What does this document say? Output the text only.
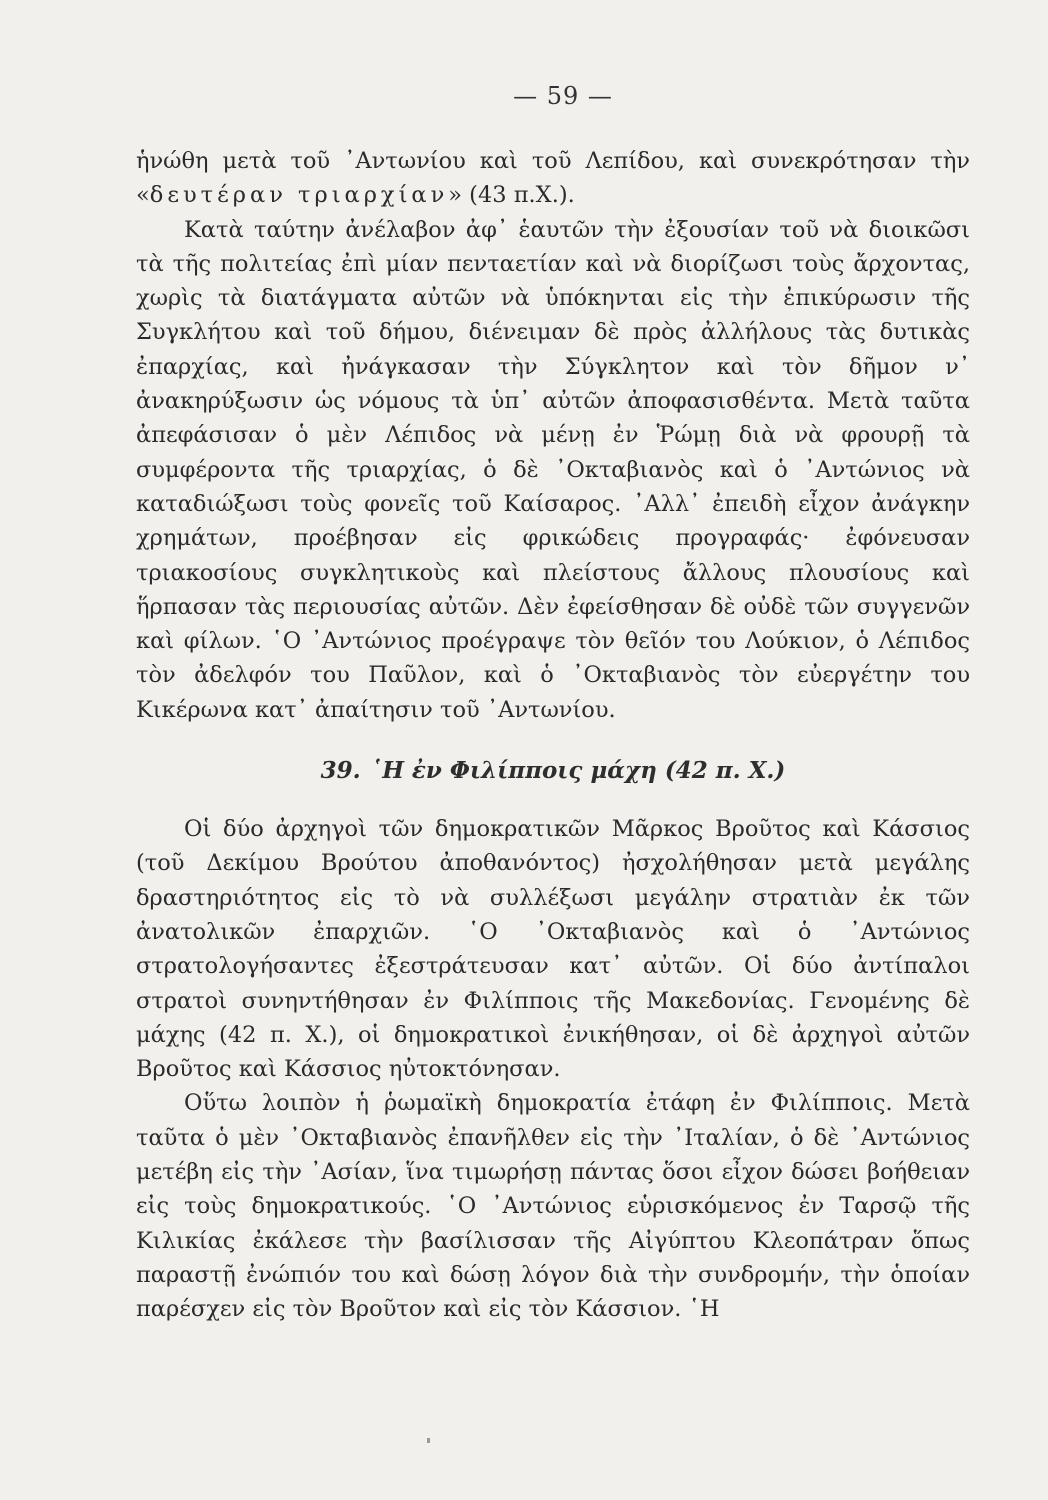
— 59 —

ἡνώθη μετὰ τοῦ ᾿Αντωνίου καὶ τοῦ Λεπίδου, καὶ συνεκρότησαν τὴν «δευτέραν τριαρχίαν» (43 π.Χ.).

Κατὰ ταύτην ἀνέλαβον ἀφ᾿ ἑαυτῶν τὴν ἐξουσίαν τοῦ νὰ διοικῶσι τὰ τῆς πολιτείας ἐπὶ μίαν πενταετίαν καὶ νὰ διορίζωσι τοὺς ἄρχοντας, χωρὶς τὰ διατάγματα αὐτῶν νὰ ὑπόκηνται εἰς τὴν ἐπικύρωσιν τῆς Συγκλήτου καὶ τοῦ δήμου, διένειμαν δὲ πρὸς ἀλλήλους τὰς δυτικὰς ἐπαρχίας, καὶ ἠνάγκασαν τὴν Σύγκλητον καὶ τὸν δῆμον ν᾿ ἀνακηρύξωσιν ὡς νόμους τὰ ὑπ᾿ αὐτῶν ἀποφασισθέντα. Μετὰ ταῦτα ἀπεφάσισαν ὁ μὲν Λέπιδος νὰ μένῃ ἐν Ῥώμῃ διὰ νὰ φρουρῇ τὰ συμφέροντα τῆς τριαρχίας, ὁ δὲ ᾿Οκταβιανὸς καὶ ὁ ᾿Αντώνιος νὰ καταδιώξωσι τοὺς φονεῖς τοῦ Καίσαρος. ᾿Αλλ᾿ ἐπειδὴ εἶχον ἀνάγκην χρημάτων, προέβησαν εἰς φρικώδεις προγραφάς· ἐφόνευσαν τριακοσίους συγκλητικοὺς καὶ πλείστους ἄλλους πλουσίους καὶ ἥρπασαν τὰς περιουσίας αὐτῶν. Δὲν ἐφείσθησαν δὲ οὐδὲ τῶν συγγενῶν καὶ φίλων. ῾Ο ᾿Αντώνιος προέγραψε τὸν θεῖόν του Λούκιον, ὁ Λέπιδος τὸν ἀδελφόν του Παῦλον, καὶ ὁ ᾿Οκταβιανὸς τὸν εὐεργέτην του Κικέρωνα κατ᾿ ἀπαίτησιν τοῦ ᾿Αντωνίου.

39. ῾Η ἐν Φιλίπποις μάχη (42 π. Χ.)

Οἱ δύο ἀρχηγοὶ τῶν δημοκρατικῶν Μᾶρκος Βροῦτος καὶ Κάσσιος (τοῦ Δεκίμου Βρούτου ἀποθανόντος) ἠσχολήθησαν μετὰ μεγάλης δραστηριότητος εἰς τὸ νὰ συλλέξωσι μεγάλην στρατιὰν ἐκ τῶν ἀνατολικῶν ἐπαρχιῶν. ῾Ο ᾿Οκταβιανὸς καὶ ὁ ᾿Αντώνιος στρατολογήσαντες ἐξεστράτευσαν κατ᾿ αὐτῶν. Οἱ δύο ἀντίπαλοι στρατοὶ συνηντήθησαν ἐν Φιλίπποις τῆς Μακεδονίας. Γενομένης δὲ μάχης (42 π. Χ.), οἱ δημοκρατικοὶ ἐνικήθησαν, οἱ δὲ ἀρχηγοὶ αὐτῶν Βροῦτος καὶ Κάσσιος ηὐτοκτόνησαν.

Οὕτω λοιπὸν ἡ ῥωμαϊκὴ δημοκρατία ἐτάφη ἐν Φιλίπποις. Μετὰ ταῦτα ὁ μὲν ᾿Οκταβιανὸς ἐπανῆλθεν εἰς τὴν ᾿Ιταλίαν, ὁ δὲ ᾿Αντώνιος μετέβη εἰς τὴν ᾿Ασίαν, ἵνα τιμωρήσῃ πάντας ὅσοι εἶχον δώσει βοήθειαν εἰς τοὺς δημοκρατικούς. ῾Ο ᾿Αντώνιος εὑρισκόμενος ἐν Ταρσῷ τῆς Κιλικίας ἐκάλεσε τὴν βασίλισσαν τῆς Αἰγύπτου Κλεοπάτραν ὅπως παραστῇ ἐνώπιόν του καὶ δώσῃ λόγον διὰ τὴν συνδρομήν, τὴν ὁποίαν παρέσχεν εἰς τὸν Βροῦτον καὶ εἰς τὸν Κάσσιον. ῾Η
